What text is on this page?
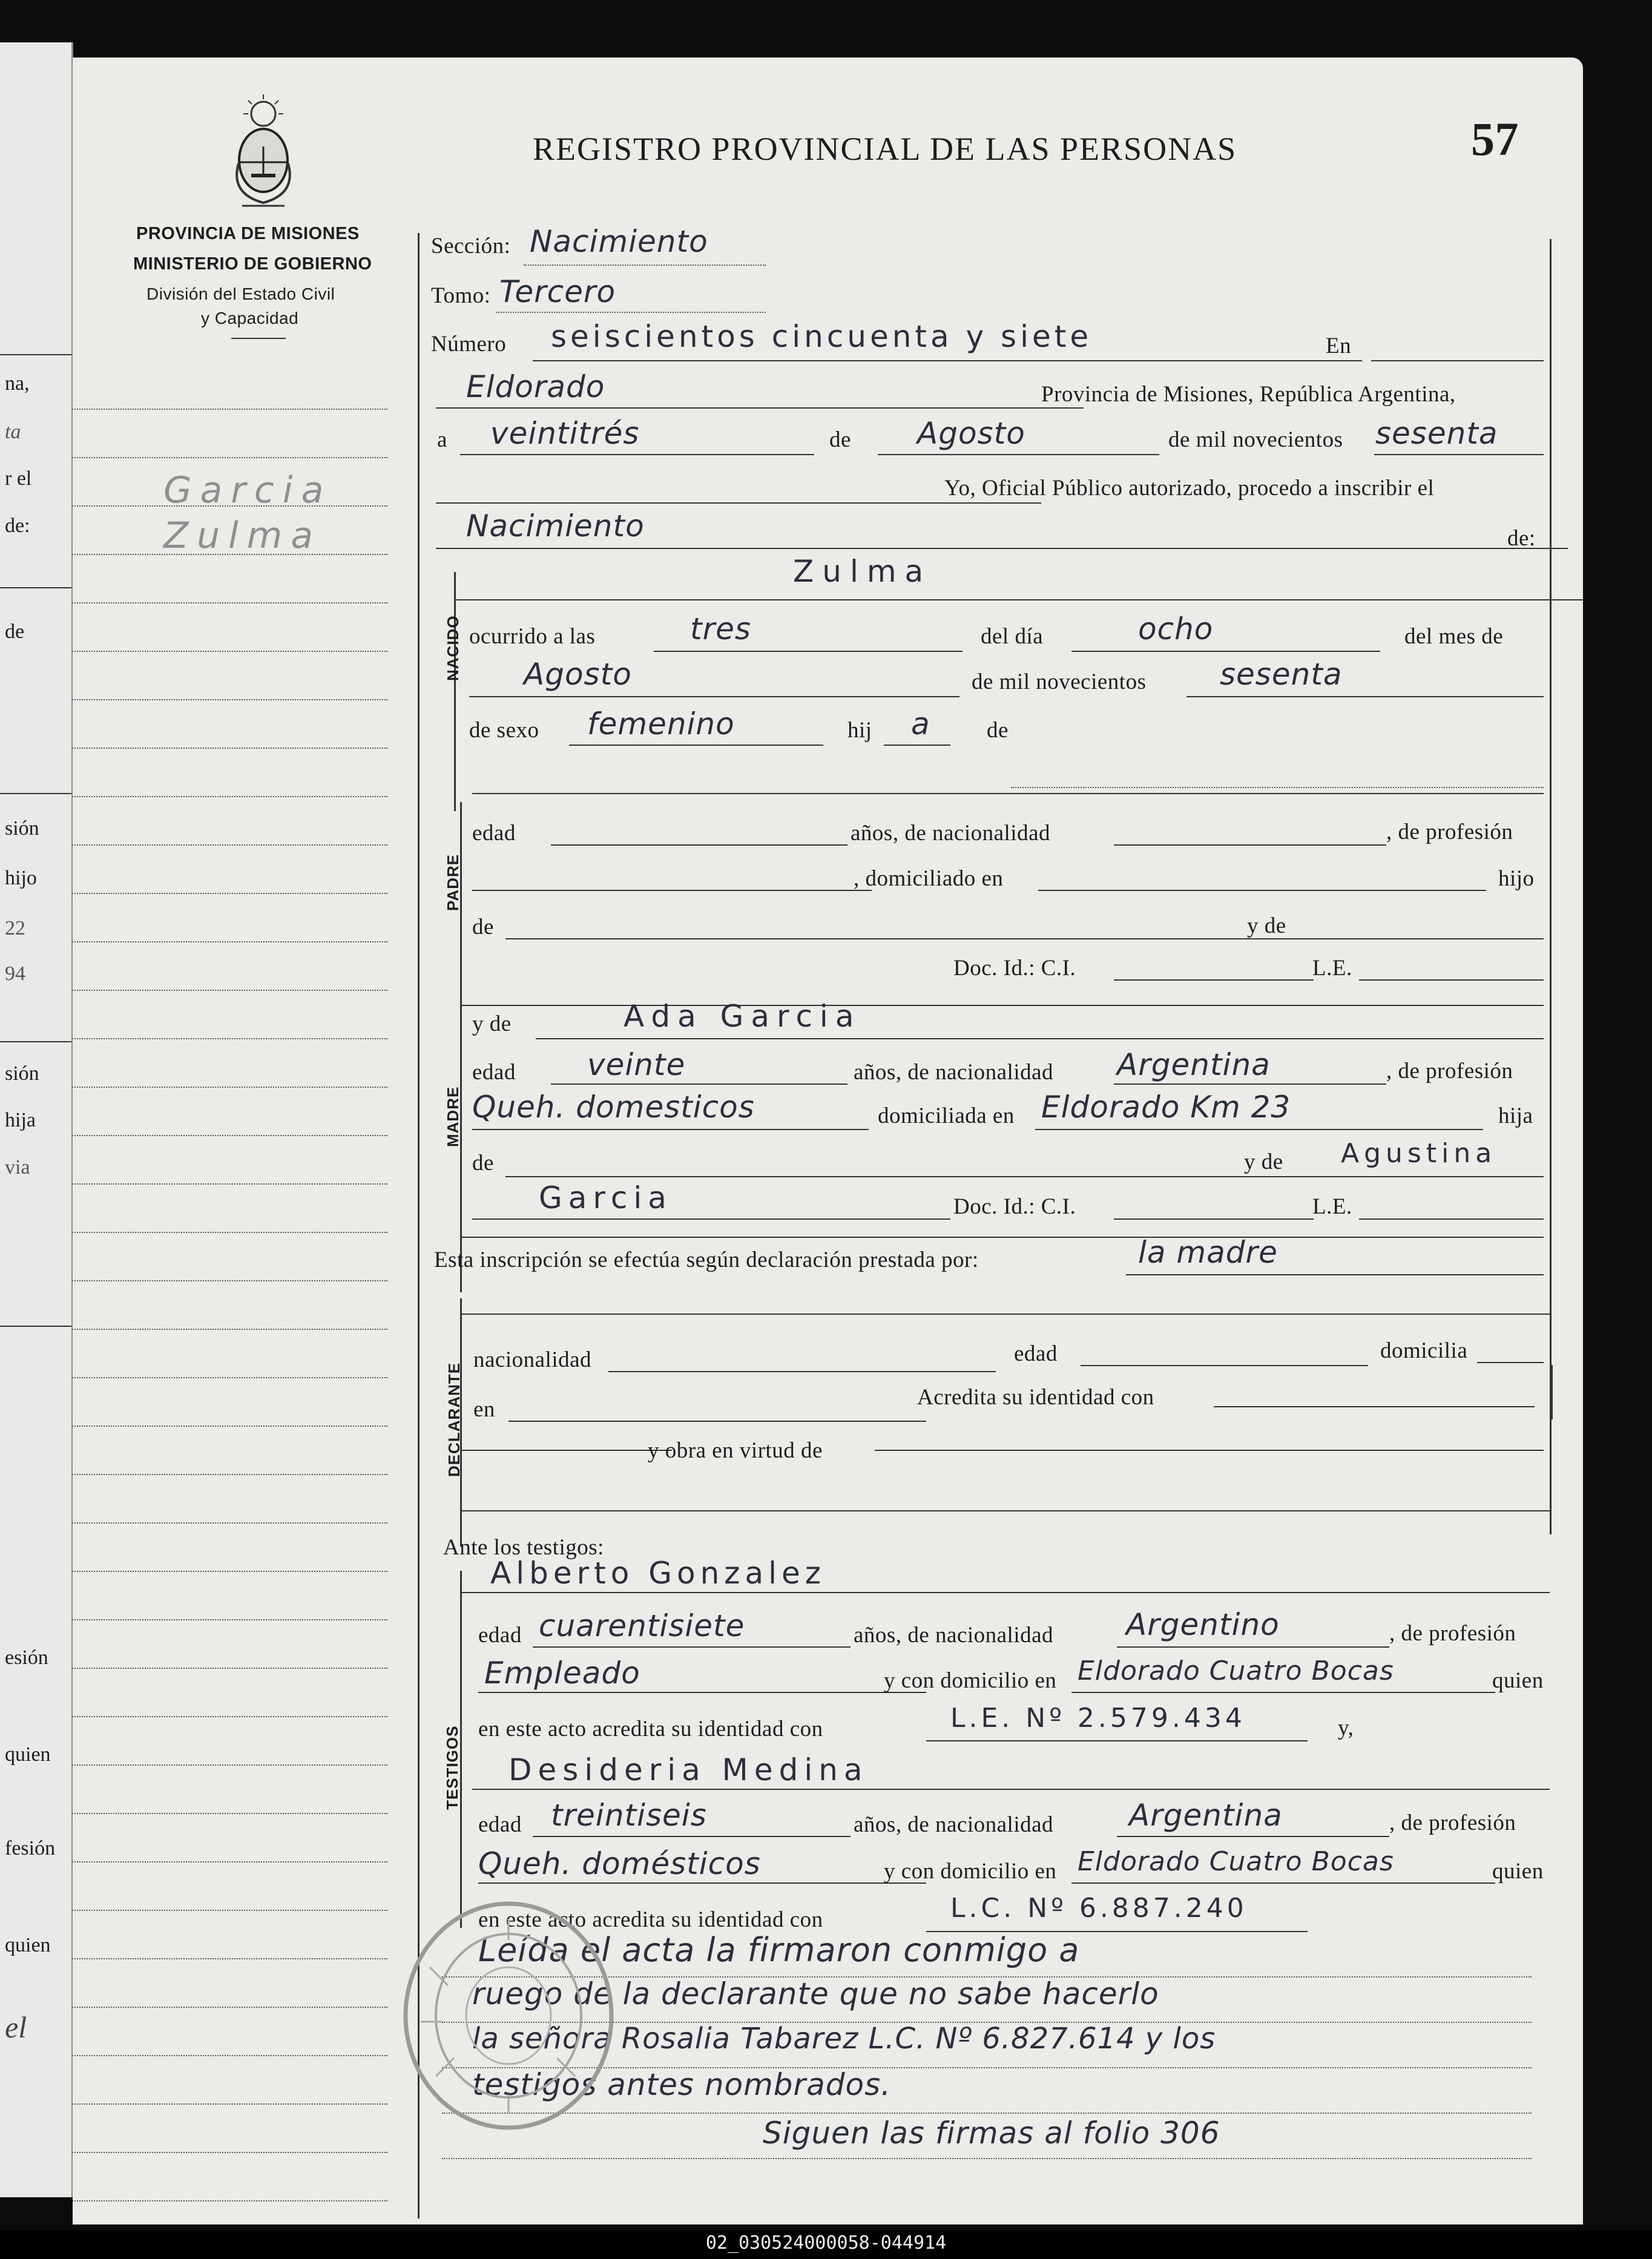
na,
ta
r el
de:
de
sión
hijo
22
94
sión
hija
via
esión
quien
fesión
quien
el
REGISTRO PROVINCIAL DE LAS PERSONAS	57
PROVINCIA DE MISIONES
MINISTERIO DE GOBIERNO
División del Estado Civil
y Capacidad
Garcia
Zulma
Sección: Nacimiento
Tomo: Tercero
Número seiscientos cincuenta y siete	En
Eldorado	Provincia de Misiones, República Argentina,
a veintitrés	de Agosto	de mil novecientos sesenta
Yo, Oficial Público autorizado, procedo a inscribir el
Nacimiento	de:
NACIDO
Zulma
ocurrido a las	tres	del día	ocho	del mes de
Agosto	de mil novecientos sesenta
de sexo femenino	hij a	de
PADRE
edad	años, de nacionalidad	, de profesión
, domiciliado en	hijo
de	y de
Doc. Id.: C.I.	L.E.
MADRE
y de	Ada Garcia
edad veinte	años, de nacionalidad Argentina	, de profesión
Queh. domesticos	domiciliada en Eldorado Km 23	hija
de	y de Agustina
Garcia	Doc. Id.: C.I.	L.E.
Esta inscripción se efectúa según declaración prestada por:	la madre
DECLARANTE
nacionalidad	edad	domicilia
en	Acredita su identidad con
y obra en virtud de
Ante los testigos:
TESTIGOS
Alberto Gonzalez
edad cuarentisiete	años, de nacionalidad Argentino	, de profesión
Empleado	y con domicilio en Eldorado Cuatro Bocas	quien
en este acto acredita su identidad con	L.E. Nº 2.579.434	y,
Desideria Medina
edad treintiseis	años, de nacionalidad Argentina	, de profesión
Queh. domésticos	y con domicilio en Eldorado Cuatro Bocas	quien
en este acto acredita su identidad con	L.C. Nº 6.887.240
Leída el acta la firmaron conmigo a
ruego de la declarante que no sabe hacerlo
la señora Rosalia Tabarez L.C. Nº 6.827.614 y los
testigos antes nombrados.
Siguen las firmas al folio 306
02_030524000058-044914
